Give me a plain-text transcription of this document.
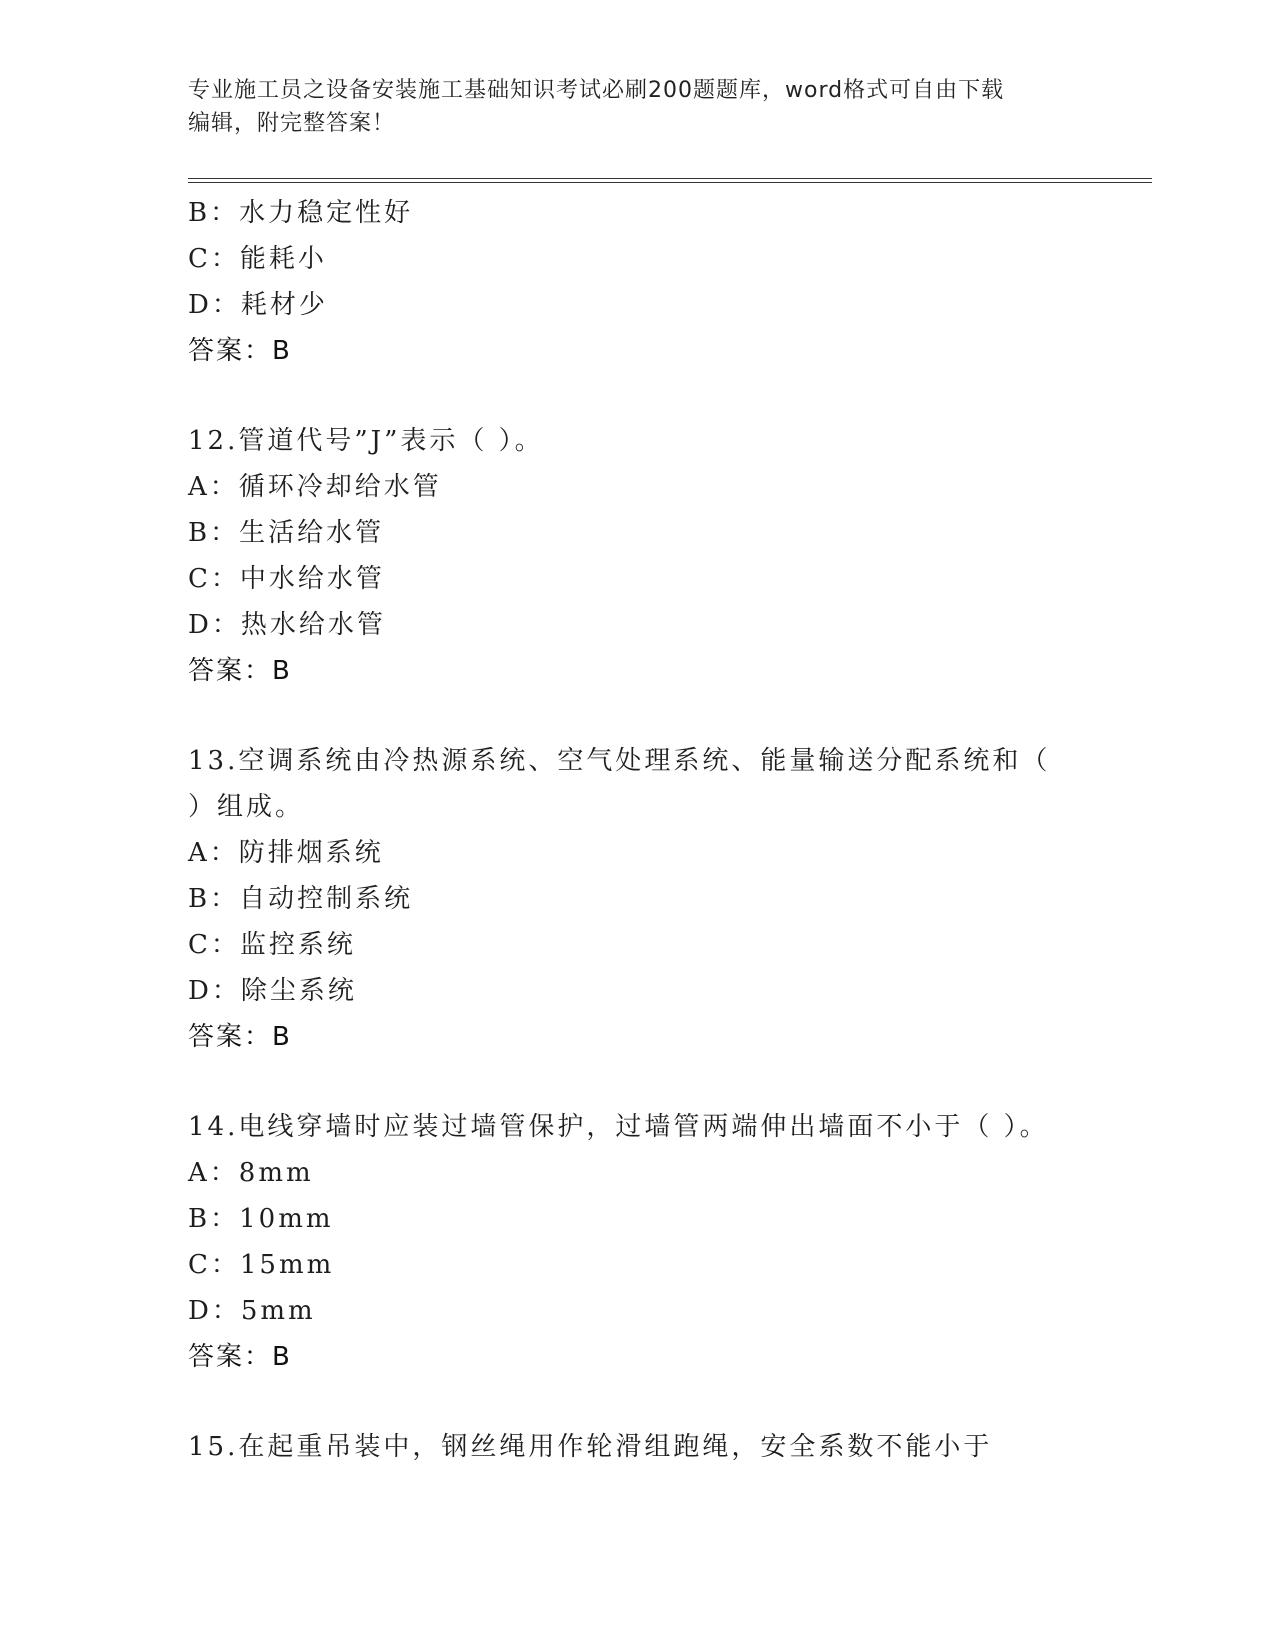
专业施工员之设备安装施工基础知识考试必刷200题题库，word格式可自由下载
编辑，附完整答案！
B：水力稳定性好
C：能耗小
D：耗材少
答案：B
12.管道代号”J”表示（ ）。
A：循环冷却给水管
B：生活给水管
C：中水给水管
D：热水给水管
答案：B
13.空调系统由冷热源系统、空气处理系统、能量输送分配系统和（
）组成。
A：防排烟系统
B：自动控制系统
C：监控系统
D：除尘系统
答案：B
14.电线穿墙时应装过墙管保护，过墙管两端伸出墙面不小于（ ）。
A：8mm
B：10mm
C：15mm
D：5mm
答案：B
15.在起重吊装中，钢丝绳用作轮滑组跑绳，安全系数不能小于
